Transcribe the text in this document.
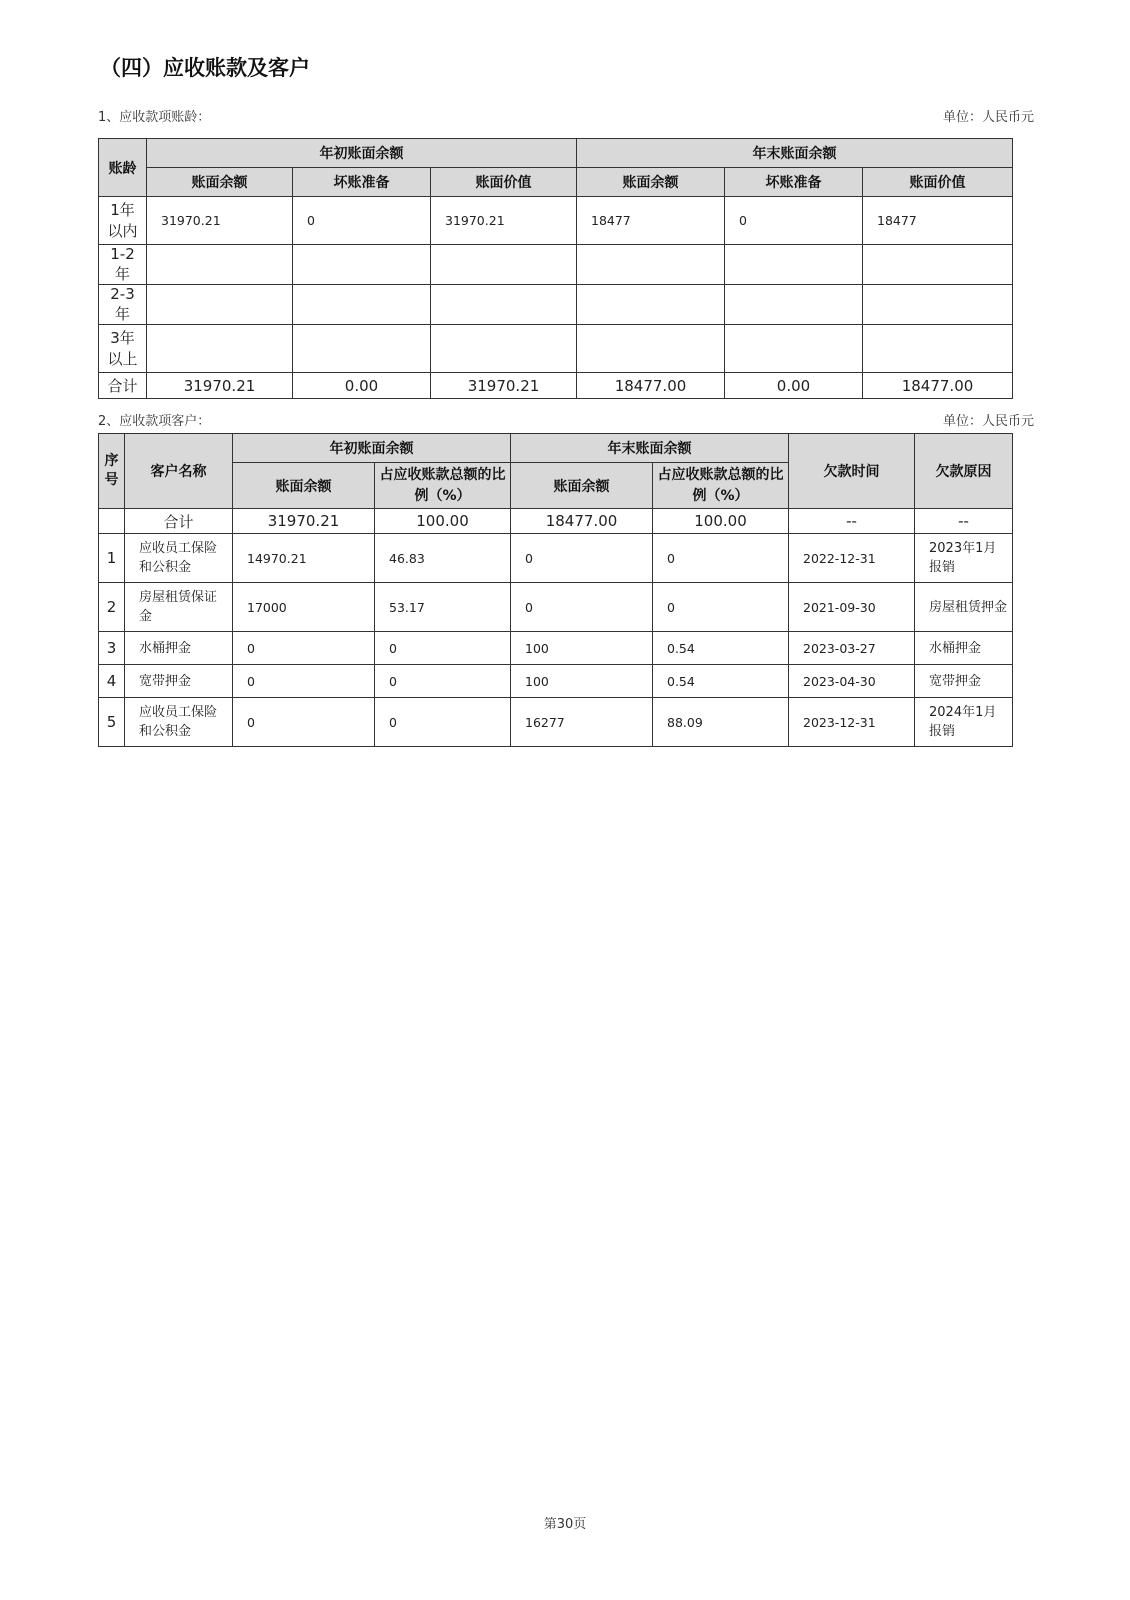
（四）应收账款及客户
1、应收款项账龄：	单位：人民币元
账龄	年初账面余额			年末账面余额		
	账面余额	坏账准备	账面价值	账面余额	坏账准备	账面价值
1年以内	31970.21	0	31970.21	18477	0	18477
1-2年						
2-3年						
3年以上						
合计	31970.21	0.00	31970.21	18477.00	0.00	18477.00
2、应收款项客户：	单位：人民币元
序号	客户名称	年初账面余额		年末账面余额		欠款时间	欠款原因
		账面余额	占应收账款总额的比例（%）	账面余额	占应收账款总额的比例（%）		
	合计	31970.21	100.00	18477.00	100.00	--	--
1	应收员工保险和公积金	14970.21	46.83	0	0	2022-12-31	2023年1月报销
2	房屋租赁保证金	17000	53.17	0	0	2021-09-30	房屋租赁押金
3	水桶押金	0	0	100	0.54	2023-03-27	水桶押金
4	宽带押金	0	0	100	0.54	2023-04-30	宽带押金
5	应收员工保险和公积金	0	0	16277	88.09	2023-12-31	2024年1月报销
第30页
